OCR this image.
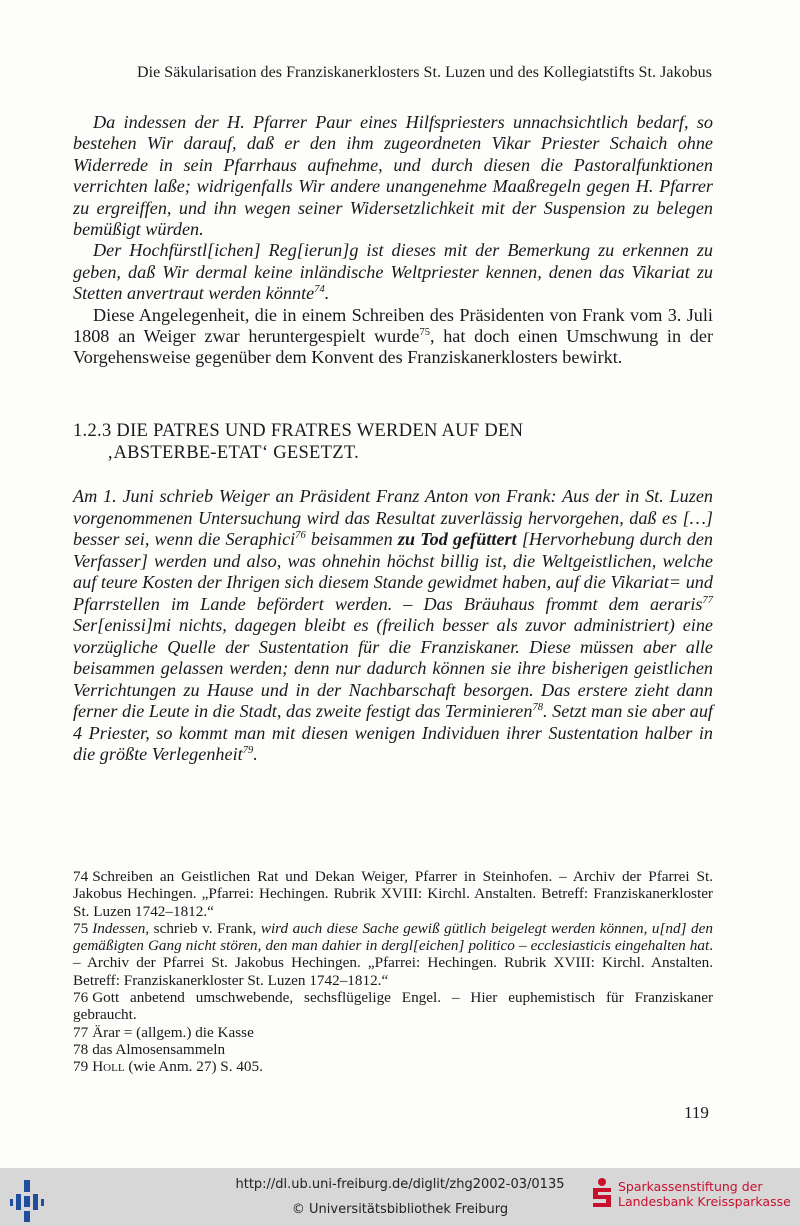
Die Säkularisation des Franziskanerklosters St. Luzen und des Kollegiatstifts St. Jakobus

Da indessen der H. Pfarrer Paur eines Hilfspriesters unnachsichtlich bedarf, so bestehen Wir darauf, daß er den ihm zugeordneten Vikar Priester Schaich ohne Widerrede in sein Pfarrhaus aufnehme, und durch diesen die Pastoralfunktionen verrichten laße; widrigenfalls Wir andere unangenehme Maaßregeln gegen H. Pfarrer zu ergreiffen, und ihn wegen seiner Widersetzlichkeit mit der Suspension zu belegen bemüßigt würden.

Der Hochfürstl[ichen] Reg[ierun]g ist dieses mit der Bemerkung zu erkennen zu geben, daß Wir dermal keine inländische Weltpriester kennen, denen das Vikariat zu Stetten anvertraut werden könnte$^{74}$.

Diese Angelegenheit, die in einem Schreiben des Präsidenten von Frank vom 3. Juli 1808 an Weiger zwar heruntergespielt wurde$^{75}$, hat doch einen Umschwung in der Vorgehensweise gegenüber dem Konvent des Franziskanerklosters bewirkt.

1.2.3 DIE PATRES UND FRATRES WERDEN AUF DEN
‚ABSTERBE-ETAT‘ GESETZT.

Am 1. Juni schrieb Weiger an Präsident Franz Anton von Frank: Aus der in St. Luzen vorgenommenen Untersuchung wird das Resultat zuverlässig hervorgehen, daß es […] besser sei, wenn die Seraphici$^{76}$ beisammen zu Tod gefüttert [Hervorhebung durch den Verfasser] werden und also, was ohnehin höchst billig ist, die Weltgeistlichen, welche auf teure Kosten der Ihrigen sich diesem Stande gewidmet haben, auf die Vikariat= und Pfarrstellen im Lande befördert werden. – Das Bräuhaus frommt dem aeraris$^{77}$ Ser[enissi]mi nichts, dagegen bleibt es (freilich besser als zuvor administriert) eine vorzügliche Quelle der Sustentation für die Franziskaner. Diese müssen aber alle beisammen gelassen werden; denn nur dadurch können sie ihre bisherigen geistlichen Verrichtungen zu Hause und in der Nachbarschaft besorgen. Das erstere zieht dann ferner die Leute in die Stadt, das zweite festigt das Terminieren$^{78}$. Setzt man sie aber auf 4 Priester, so kommt man mit diesen wenigen Individuen ihrer Sustentation halber in die größte Verlegenheit$^{79}$.

74 Schreiben an Geistlichen Rat und Dekan Weiger, Pfarrer in Steinhofen. – Archiv der Pfarrei St. Jakobus Hechingen. „Pfarrei: Hechingen. Rubrik XVIII: Kirchl. Anstalten. Betreff: Franziskanerkloster St. Luzen 1742–1812.“

75 Indessen, schrieb v. Frank, wird auch diese Sache gewiß gütlich beigelegt werden können, u[nd] den gemäßigten Gang nicht stören, den man dahier in dergl[eichen] politico – ecclesiasticis eingehalten hat. – Archiv der Pfarrei St. Jakobus Hechingen. „Pfarrei: Hechingen. Rubrik XVIII: Kirchl. Anstalten. Betreff: Franziskanerkloster St. Luzen 1742–1812.“

76 Gott anbetend umschwebende, sechsflügelige Engel. – Hier euphemistisch für Franziskaner gebraucht.

77 Ärar = (allgem.) die Kasse

78 das Almosensammeln

79 Holl (wie Anm. 27) S. 405.

119
http://dl.ub.uni-freiburg.de/diglit/zhg2002-03/0135
© Universitätsbibliothek Freiburg
Sparkassenstiftung der
Landesbank Kreissparkasse
